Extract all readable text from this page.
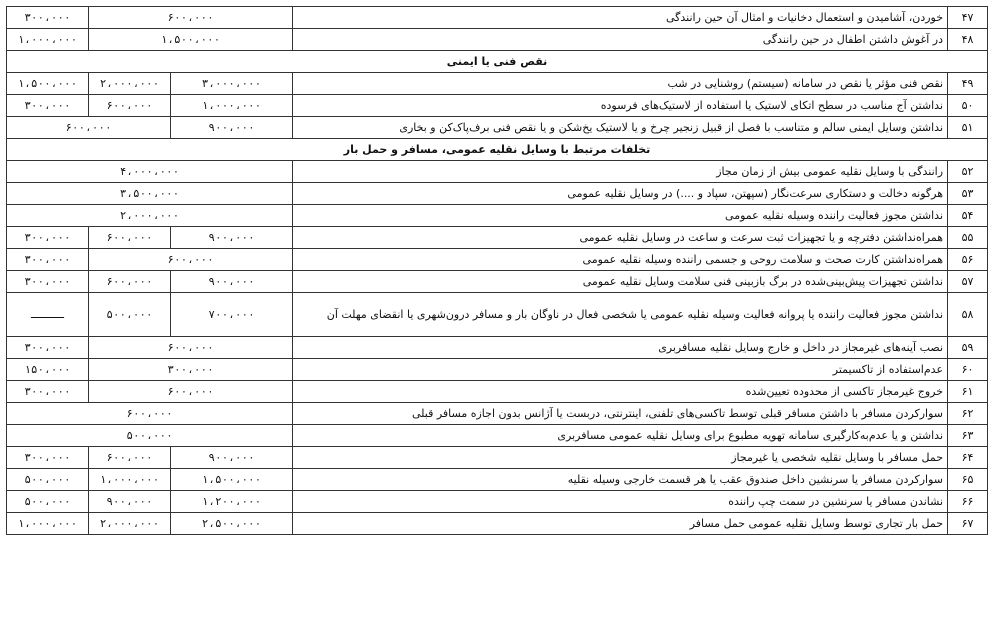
۳۰۰،۰۰۰	۶۰۰،۰۰۰		خوردن، آشامیدن و استعمال دخانیات و امثال آن حین رانندگی	۴۷
۱،۰۰۰،۰۰۰	۱،۵۰۰،۰۰۰		در آغوش داشتن اطفال در حین رانندگی	۴۸
نقص فنی یا ایمنی				
۱،۵۰۰،۰۰۰	۲،۰۰۰،۰۰۰	۳،۰۰۰،۰۰۰	نقص فنی مؤثر یا نقص در سامانه (سیستم) روشنایی در شب	۴۹
۳۰۰،۰۰۰	۶۰۰،۰۰۰	۱،۰۰۰،۰۰۰	نداشتن آج مناسب در سطح اتکای لاستیک یا استفاده از لاستیک‌های فرسوده	۵۰
۶۰۰،۰۰۰		۹۰۰،۰۰۰	نداشتن وسایل ایمنی سالم و متناسب با فصل از قبیل زنجیر چرخ و یا لاستیک یخ‌شکن و یا نقص فنی برف‌پاک‌کن و بخاری	۵۱
تخلفات مرتبط با وسایل نقلیه عمومی، مسافر و حمل بار				
۴،۰۰۰،۰۰۰			رانندگی با وسایل نقلیه عمومی بیش از زمان مجاز	۵۲
۳،۵۰۰،۰۰۰			هرگونه دخالت و دستکاری سرعت‌نگار (سپهتن، سپاد و ....) در وسایل نقلیه عمومی	۵۳
۲،۰۰۰،۰۰۰			نداشتن مجوز فعالیت راننده وسیله نقلیه عمومی	۵۴
۳۰۰،۰۰۰	۶۰۰،۰۰۰	۹۰۰،۰۰۰	همراه‌نداشتن دفترچه و یا تجهیزات ثبت سرعت و ساعت در وسایل نقلیه عمومی	۵۵
۳۰۰،۰۰۰	۶۰۰،۰۰۰		همراه‌نداشتن کارت صحت و سلامت روحی و جسمی راننده وسیله نقلیه عمومی	۵۶
۳۰۰،۰۰۰	۶۰۰،۰۰۰	۹۰۰،۰۰۰	نداشتن تجهیزات پیش‌بینی‌شده در برگ بازبینی فنی سلامت وسایل نقلیه عمومی	۵۷
ـــــ	۵۰۰،۰۰۰	۷۰۰،۰۰۰	نداشتن مجوز فعالیت راننده یا پروانه فعالیت وسیله نقلیه عمومی یا شخصی فعال در ناوگان بار و مسافر درون‌شهری یا انقضای مهلت آن	۵۸
۳۰۰،۰۰۰	۶۰۰،۰۰۰		نصب آینه‌های غیرمجاز در داخل و خارج وسایل نقلیه مسافربری	۵۹
۱۵۰،۰۰۰	۳۰۰،۰۰۰		عدم‌استفاده از تاکسیمتر	۶۰
۳۰۰،۰۰۰	۶۰۰،۰۰۰		خروج غیرمجاز تاکسی از محدوده تعیین‌شده	۶۱
۶۰۰،۰۰۰			سوارکردن مسافر با داشتن مسافر قبلی توسط تاکسی‌های تلفنی، اینترنتی، دربست یا آژانس بدون اجازه مسافر قبلی	۶۲
۵۰۰،۰۰۰			نداشتن و یا عدم‌به‌کارگیری سامانه تهویه مطبوع برای وسایل نقلیه عمومی مسافربری	۶۳
۳۰۰،۰۰۰	۶۰۰،۰۰۰	۹۰۰،۰۰۰	حمل مسافر با وسایل نقلیه شخصی یا غیرمجاز	۶۴
۵۰۰،۰۰۰	۱،۰۰۰،۰۰۰	۱،۵۰۰،۰۰۰	سوارکردن مسافر یا سرنشین داخل صندوق عقب یا هر قسمت خارجی وسیله نقلیه	۶۵
۵۰۰،۰۰۰	۹۰۰،۰۰۰	۱،۲۰۰،۰۰۰	نشاندن مسافر یا سرنشین در سمت چپ راننده	۶۶
۱،۰۰۰،۰۰۰	۲،۰۰۰،۰۰۰	۲،۵۰۰،۰۰۰	حمل بار تجاری توسط وسایل نقلیه عمومی حمل مسافر	۶۷
